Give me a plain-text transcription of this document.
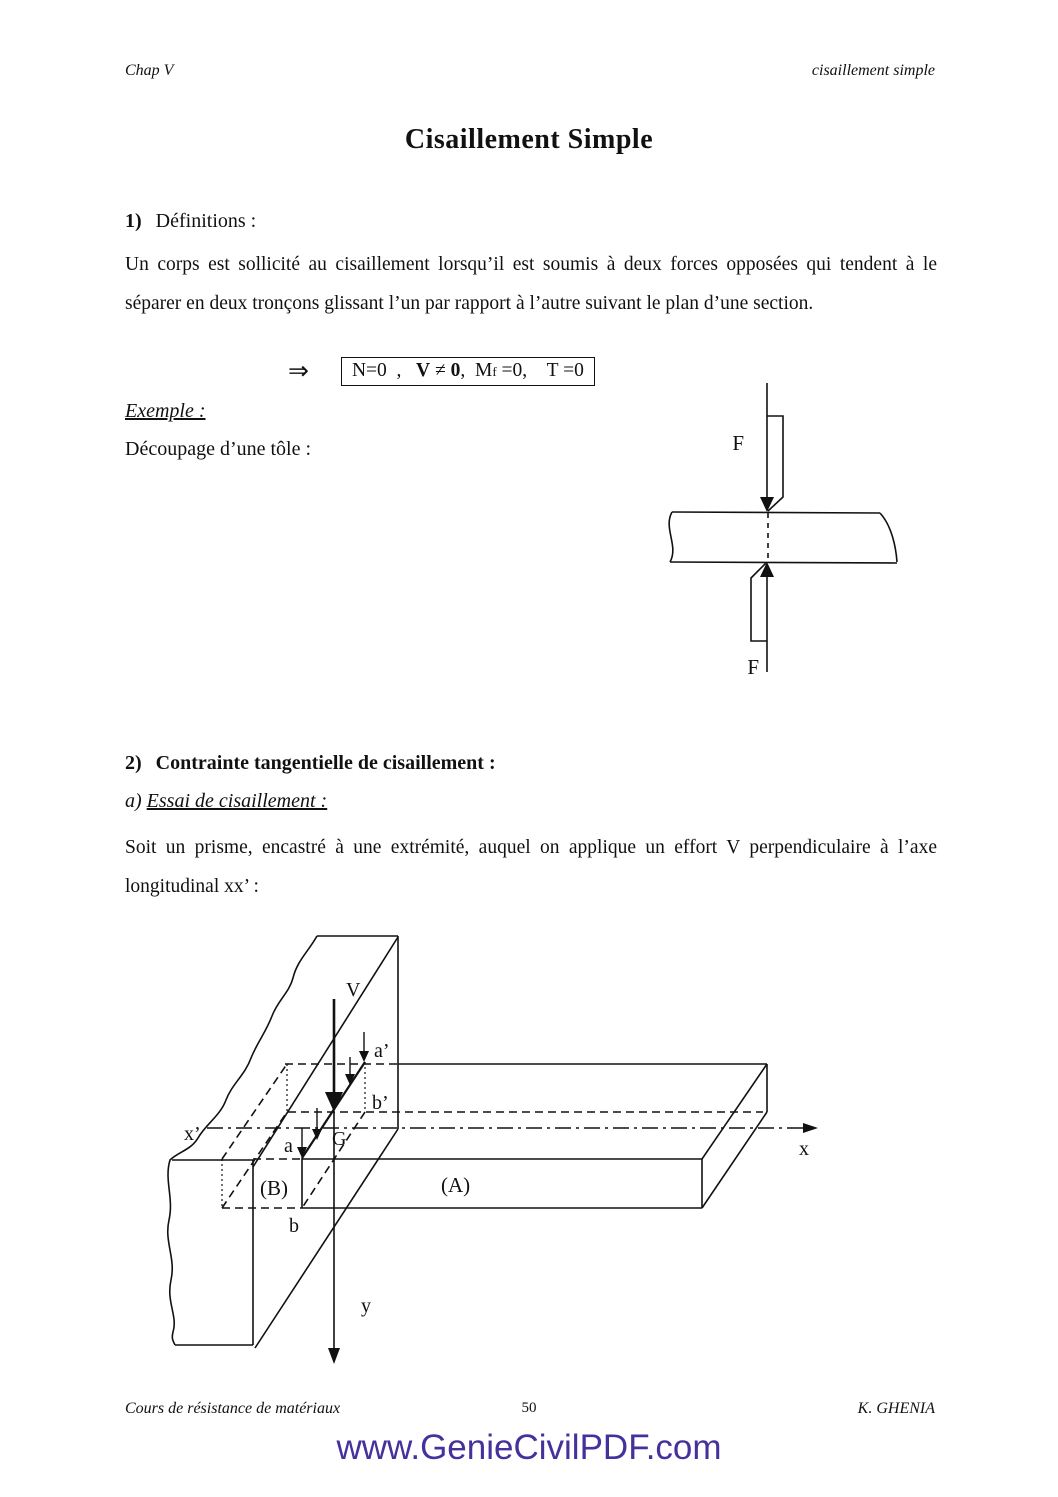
Chap V	cisaillement simple
Cisaillement Simple
1) Définitions :
Un corps est sollicité au cisaillement lorsqu’il est soumis à deux forces opposées qui tendent à le séparer en deux tronçons glissant l’un par rapport à l’autre suivant le plan d’une section.
⇒ N=0  ,
V ≠ 0 , M f =0,
T =0
Exemple :
Découpage d’une tôle :	F
F
2) Contrainte tangentielle de cisaillement :
a) Essai de cisaillement :
Soit un prisme, encastré à une extrémité, auquel on applique un effort V perpendiculaire à l’axe longitudinal xx’ :
V
a’
b’
x’
a G
b
(B)	(A)
x
y
Cours de résistance de matériaux	50	K. GHENIA
www.GenieCivilPDF.com
